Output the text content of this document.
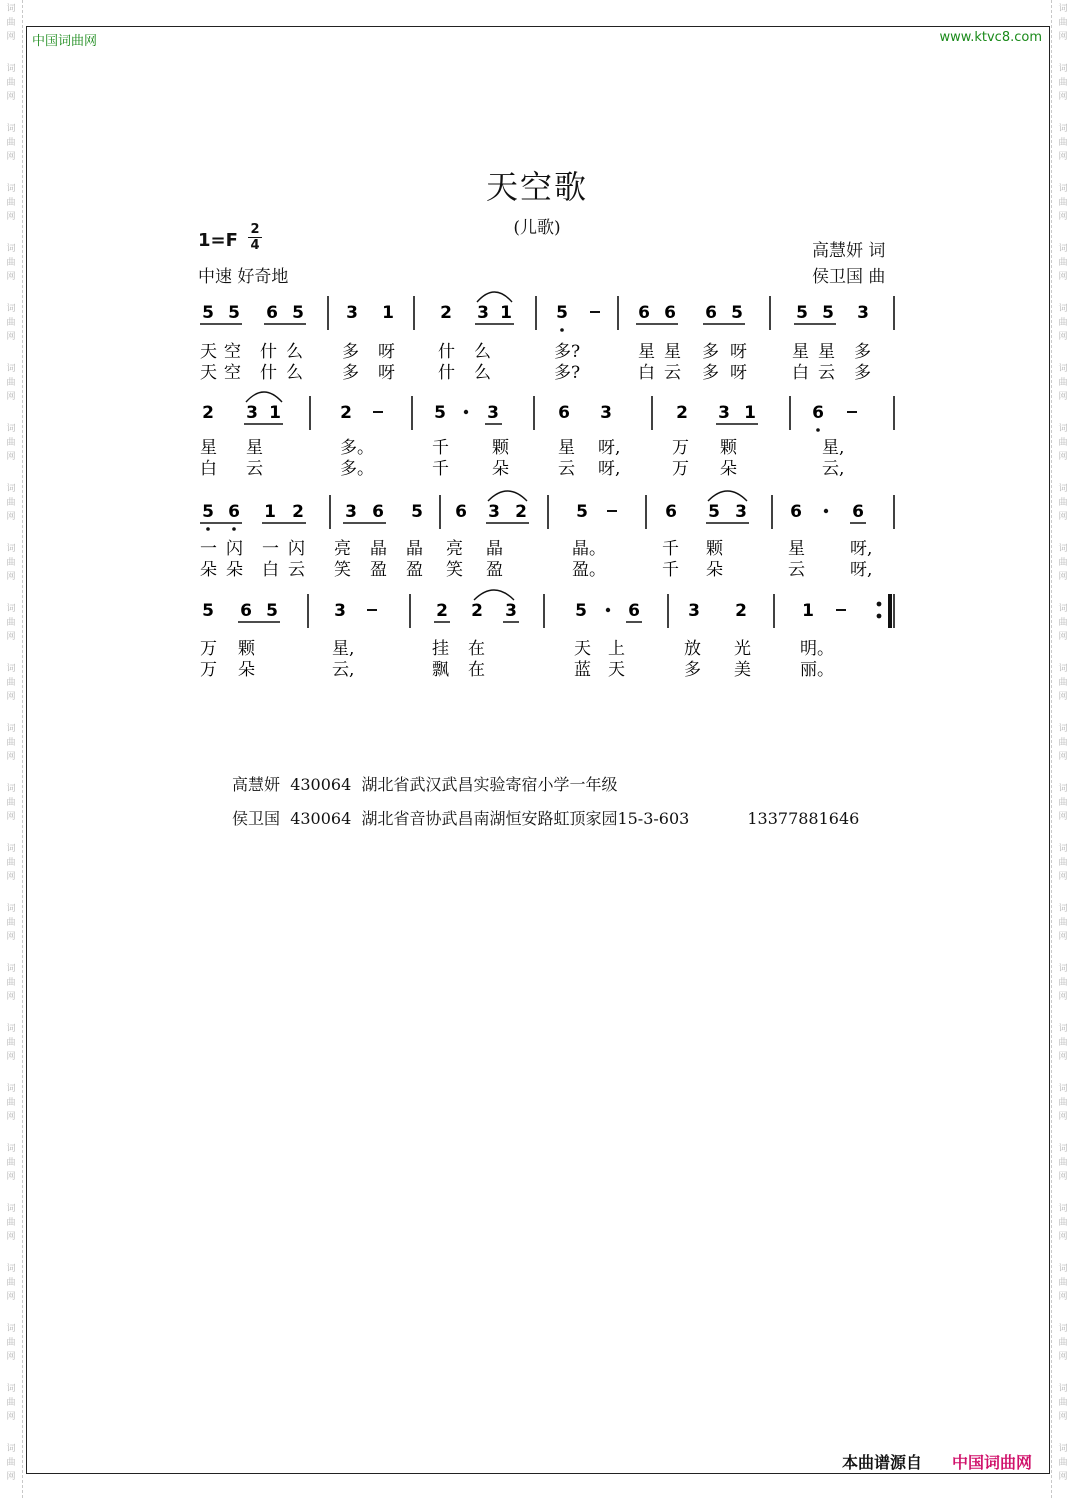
词
曲
网
词
曲
网
词
曲
网
词
曲
网
词
曲
网
词
曲
网
词
曲
网
词
曲
网
词
曲
网
词
曲
网
词
曲
网
词
曲
网
词
曲
网
词
曲
网
词
曲
网
词
曲
网
词
曲
网
词
曲
网
词
曲
网
词
曲
网
词
曲
网
词
曲
网
词
曲
网
词
曲
网
词
曲
网
词
曲
网
词
曲
网
词
曲
网
词
曲
网
词
曲
网
词
曲
网
词
曲
网
词
曲
网
词
曲
网
词
曲
网
词
曲
网
词
曲
网
词
曲
网
词
曲
网
词
曲
网
词
曲
网
词
曲
网
词
曲
网
词
曲
网
词
曲
网
词
曲
网
词
曲
网
词
曲
网
词
曲
网
词
曲
网
中国词曲网	www.ktvc8.com
天空歌
(儿歌)
1=F
2
4
中速 好奇地
高慧妍 词
侯卫国 曲
5 5 6 5 3 1	2 3 1	5	6 6 6 5	5 5 3
天 空 什 么 多 呀	什 么	多?	星 星 多 呀	星 星 多
天 空 什 么 多 呀	什 么	多?	白 云 多 呀	白 云 多
2 3 1	2	5 3	6 3	2 3 1	6
星 星	多。	千	颗	星 呀,	万 颗	星,
白 云	多。	千	朵	云 呀,	万 朵	云,
5 6 1 2 3 6 5 6 3 2	5	6 5 3	6	6
一 闪 一 闪 亮 晶 晶 亮 晶	晶。	千 颗	星	呀,
朵 朵 白 云 笑 盈 盈 笑 盈	盈。	千 朵	云	呀,
5 6 5	3	2 2 3	5 6	3 2	1
万 颗	星,	挂 在	天 上	放 光	明。
万 朵	云,	飘 在	蓝 天	多 美	丽。
高慧妍 430064 湖北省武汉武昌实验寄宿小学一年级
侯卫国 430064 湖北省音协武昌南湖恒安路虹顶家园15-3-603	13377881646
本曲谱源自 中国词曲网
